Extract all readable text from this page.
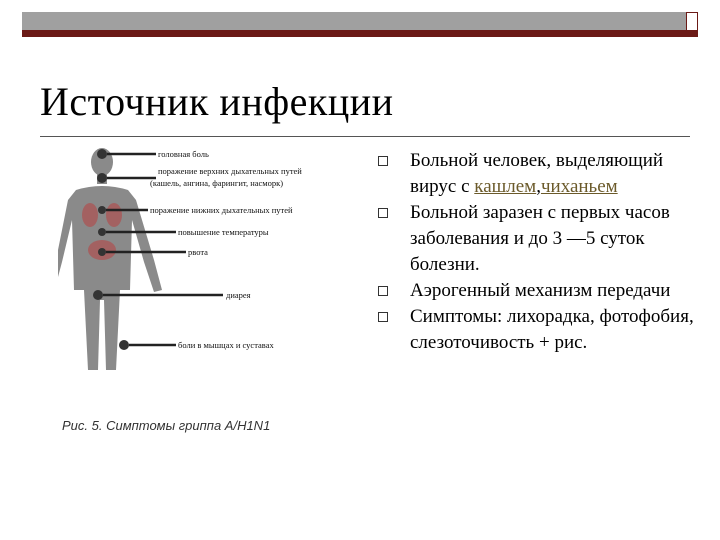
Источник инфекции
головная боль
поражение верхних дыхательных путей
(кашель, ангина, фарингит, насморк)
поражение нижних дыхательных путей
повышение температуры
рвота
диарея
боли в мышцах и суставах
Рис. 5. Симптомы гриппа A/H1N1
Больной человек, выделяющий вирус с кашлем,чиханьем
Больной заразен с первых часов заболевания и до 3 —5 суток болезни.
Аэрогенный механизм передачи
Симптомы: лихорадка, фотофобия, слезоточивость + рис.
